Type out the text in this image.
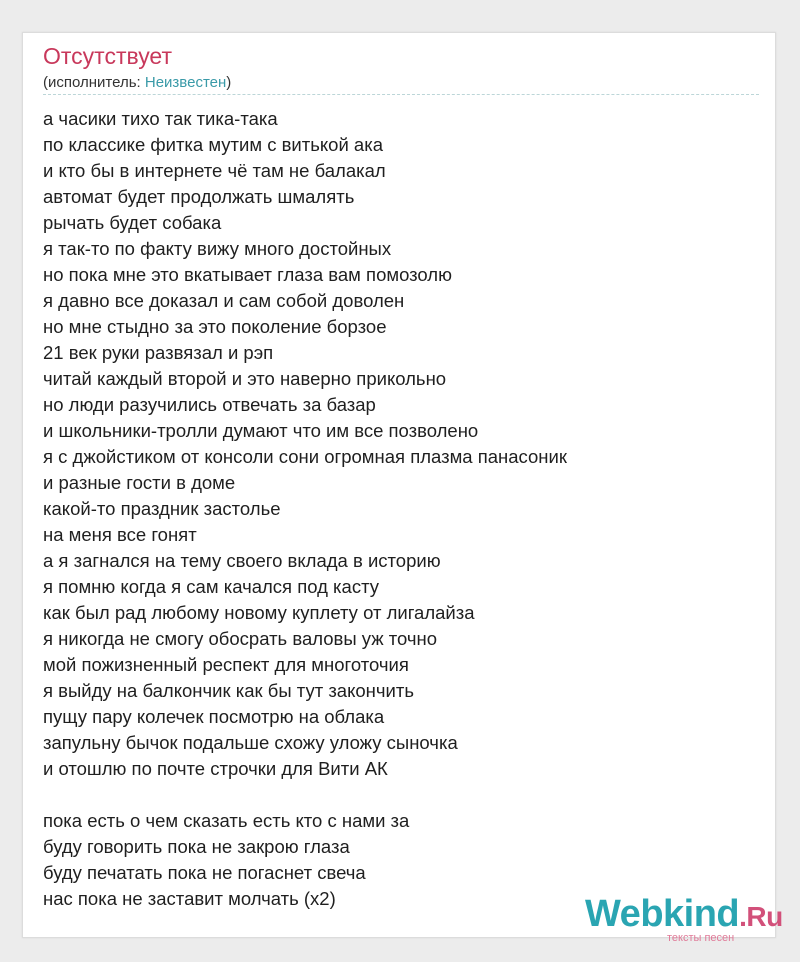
Отсутствует
(исполнитель: Неизвестен)
а часики тихо так тика-така
по классике фитка мутим с витькой ака
и кто бы в интернете чё там не балакал
автомат будет продолжать шмалять
рычать будет собака
я так-то по факту вижу много достойных
но пока мне это вкатывает глаза вам помозолю
я давно все доказал и сам собой доволен
но мне стыдно за это поколение борзое
21 век руки развязал и рэп
читай каждый второй и это наверно прикольно
но люди разучились отвечать за базар
и школьники-тролли думают что им все позволено
я с джойстиком от консоли сони огромная плазма панасоник
и разные гости в доме
какой-то праздник застолье
на меня все гонят
а я загнался на тему своего вклада в историю
я помню когда я сам качался под касту
как был рад любому новому куплету от лигалайза
я никогда не смогу обосрать валовы уж точно
мой пожизненный респект для многоточия
я выйду на балкончик как бы тут закончить
пущу пару колечек посмотрю на облака
запульну бычок подальше схожу уложу сыночка
и отошлю по почте строчки для Вити АК
пока есть о чем сказать есть кто с нами за
буду говорить пока не закрою глаза
буду печатать пока не погаснет свеча
нас пока не заставит молчать (x2)	Webkind.Ru
тексты песен
